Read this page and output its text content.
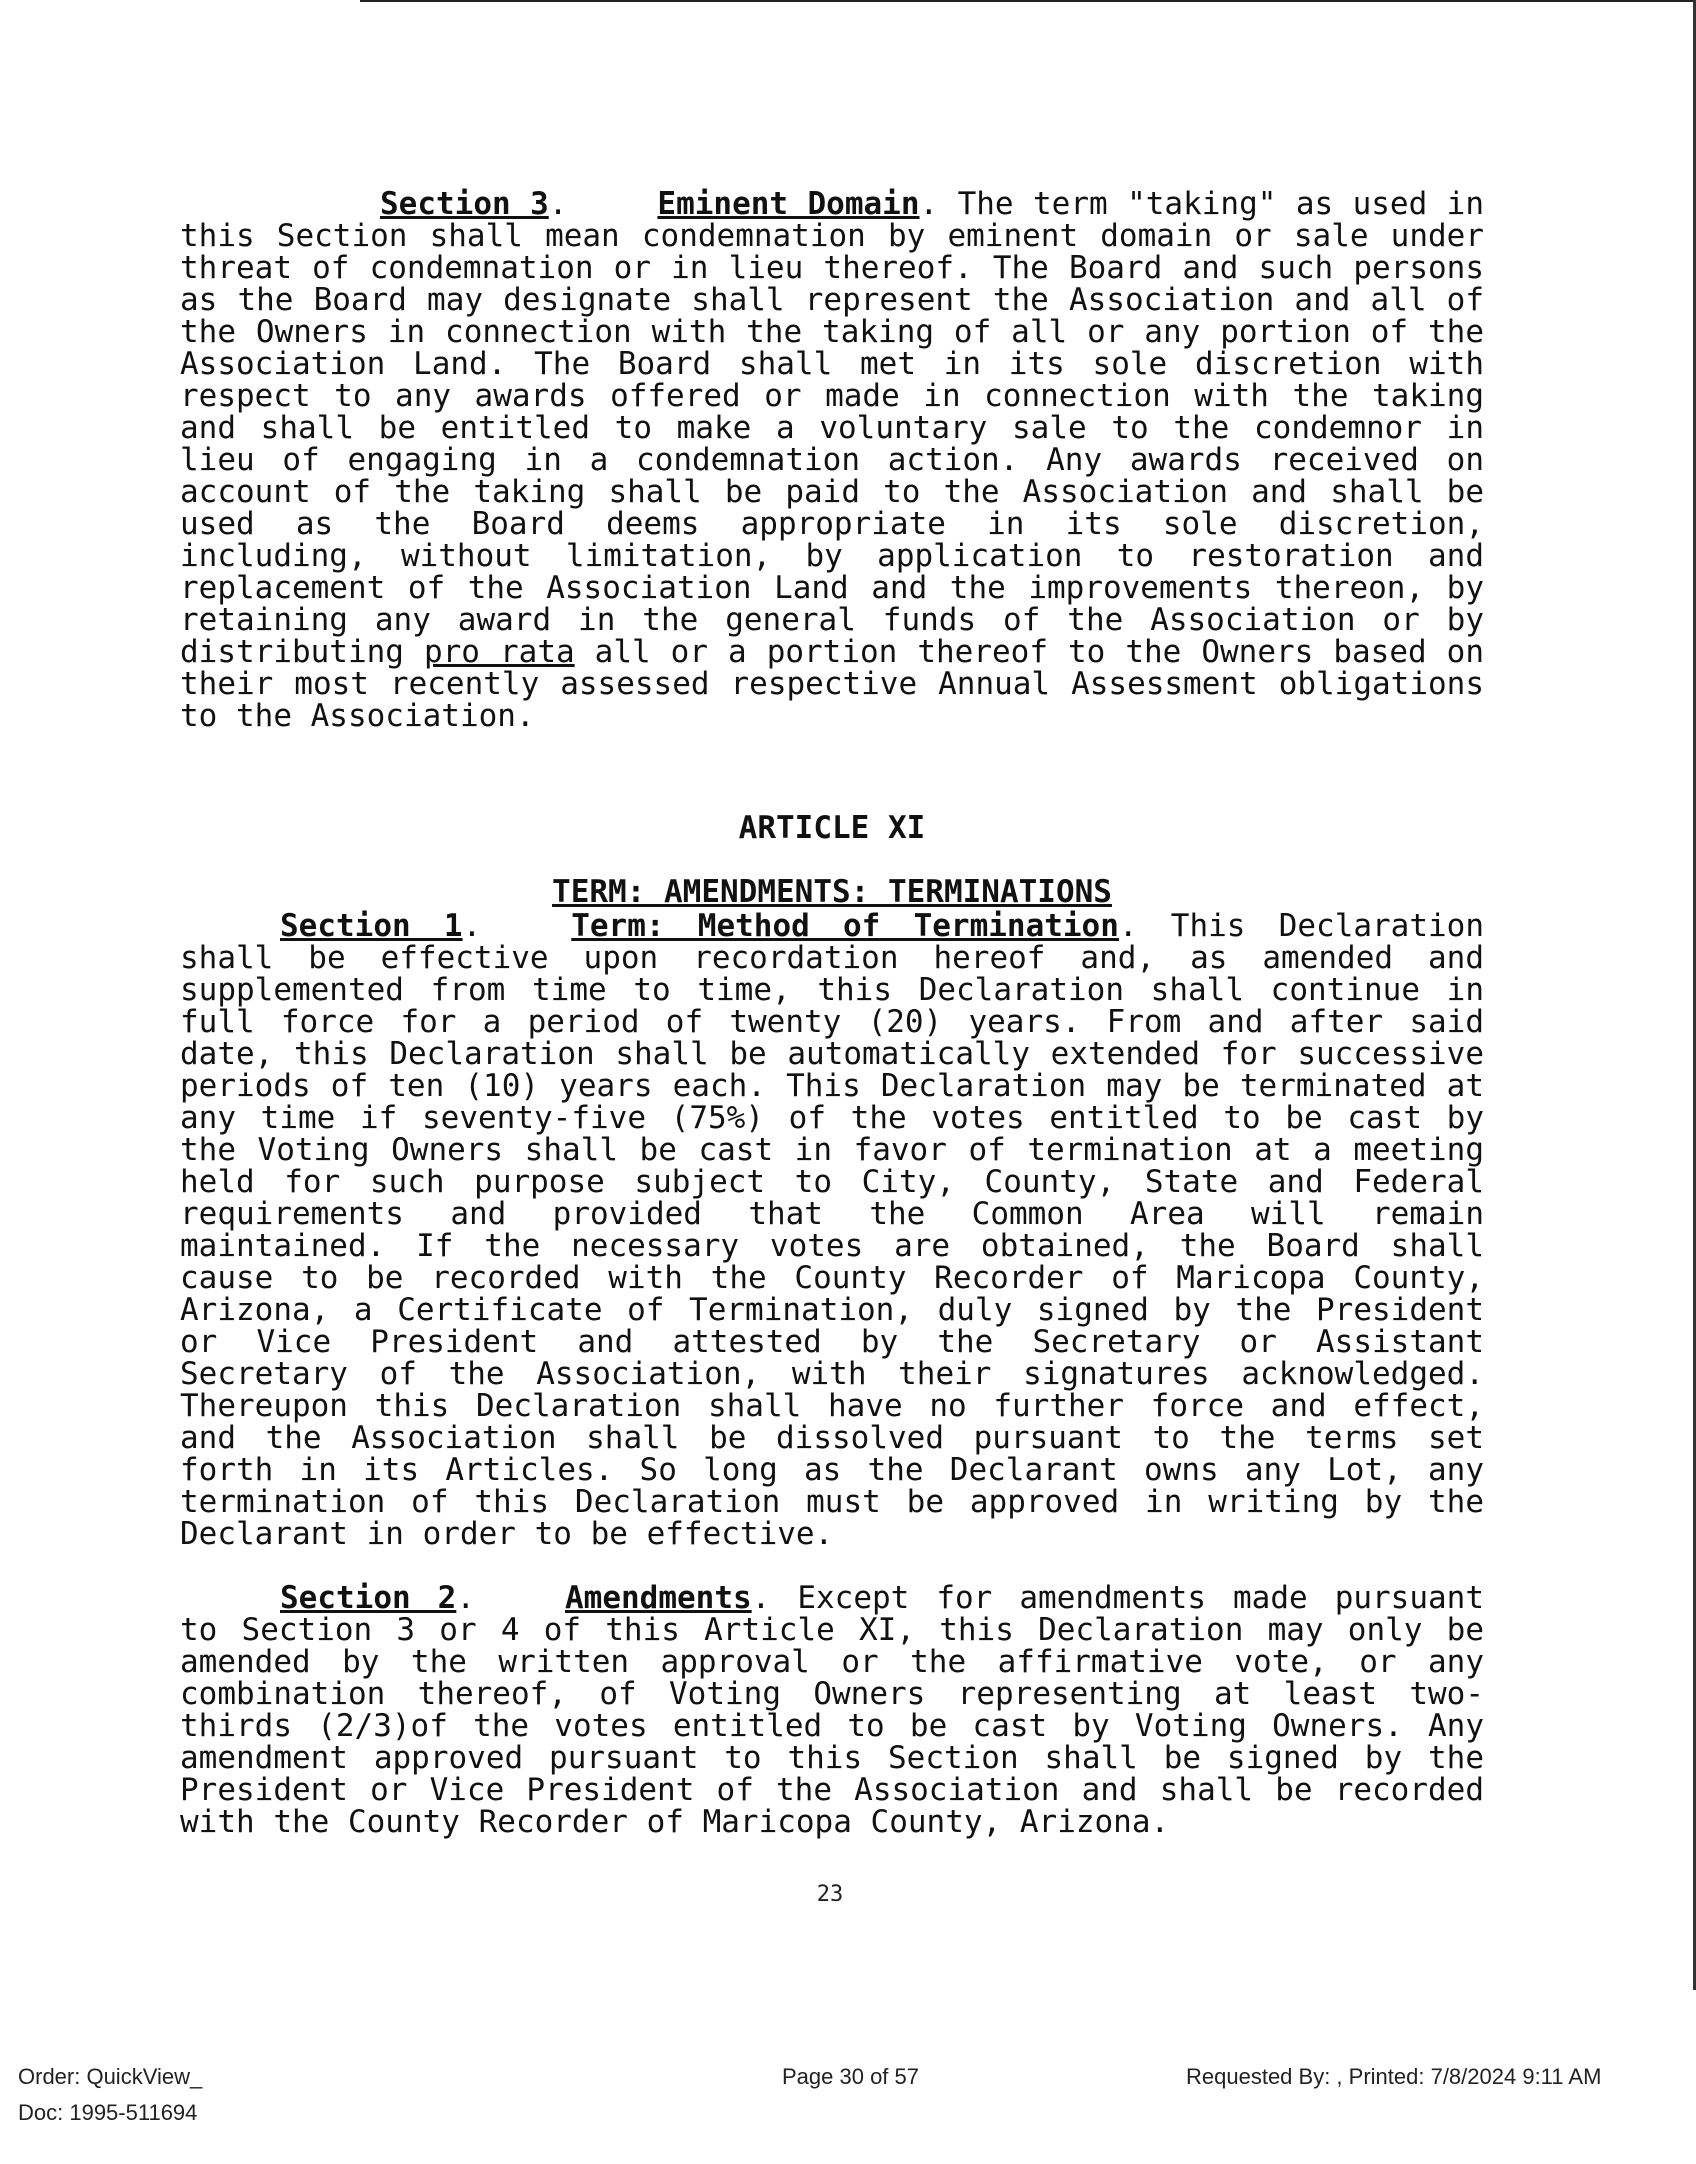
Section 3.	Eminent Domain. The term "taking" as used in this Section shall mean condemnation by eminent domain or sale under threat of condemnation or in lieu thereof. The Board and such persons as the Board may designate shall represent the Association and all of the Owners in connection with the taking of all or any portion of the Association Land. The Board shall met in its sole discretion with respect to any awards offered or made in connection with the taking and shall be entitled to make a voluntary sale to the condemnor in lieu of engaging in a condemnation action. Any awards received on account of the taking shall be paid to the Association and shall be used as the Board deems appropriate in its sole discretion, including, without limitation, by application to restoration and replacement of the Association Land and the improvements thereon, by retaining any award in the general funds of the Association or by distributing pro rata all or a portion thereof to the Owners based on their most recently assessed respective Annual Assessment obligations to the Association.

ARTICLE XI

TERM: AMENDMENTS: TERMINATIONS

Section 1.	Term: Method of Termination. This Declaration shall be effective upon recordation hereof and, as amended and supplemented from time to time, this Declaration shall continue in full force for a period of twenty (20) years. From and after said date, this Declaration shall be automatically extended for successive periods of ten (10) years each. This Declaration may be terminated at any time if seventy-five (75%) of the votes entitled to be cast by the Voting Owners shall be cast in favor of termination at a meeting held for such purpose subject to City, County, State and Federal requirements and provided that the Common Area will remain maintained. If the necessary votes are obtained, the Board shall cause to be recorded with the County Recorder of Maricopa County, Arizona, a Certificate of Termination, duly signed by the President or Vice President and attested by the Secretary or Assistant Secretary of the Association, with their signatures acknowledged. Thereupon this Declaration shall have no further force and effect, and the Association shall be dissolved pursuant to the terms set forth in its Articles. So long as the Declarant owns any Lot, any termination of this Declaration must be approved in writing by the Declarant in order to be effective.

Section 2.	Amendments. Except for amendments made pursuant to Section 3 or 4 of this Article XI, this Declaration may only be amended by the written approval or the affirmative vote, or any combination thereof, of Voting Owners representing at least two-thirds (2/3)of the votes entitled to be cast by Voting Owners. Any amendment approved pursuant to this Section shall be signed by the President or Vice President of the Association and shall be recorded with the County Recorder of Maricopa County, Arizona.

23
Order: QuickView_
Doc: 1995-511694
Page 30 of 57	Requested By: , Printed: 7/8/2024 9:11 AM
